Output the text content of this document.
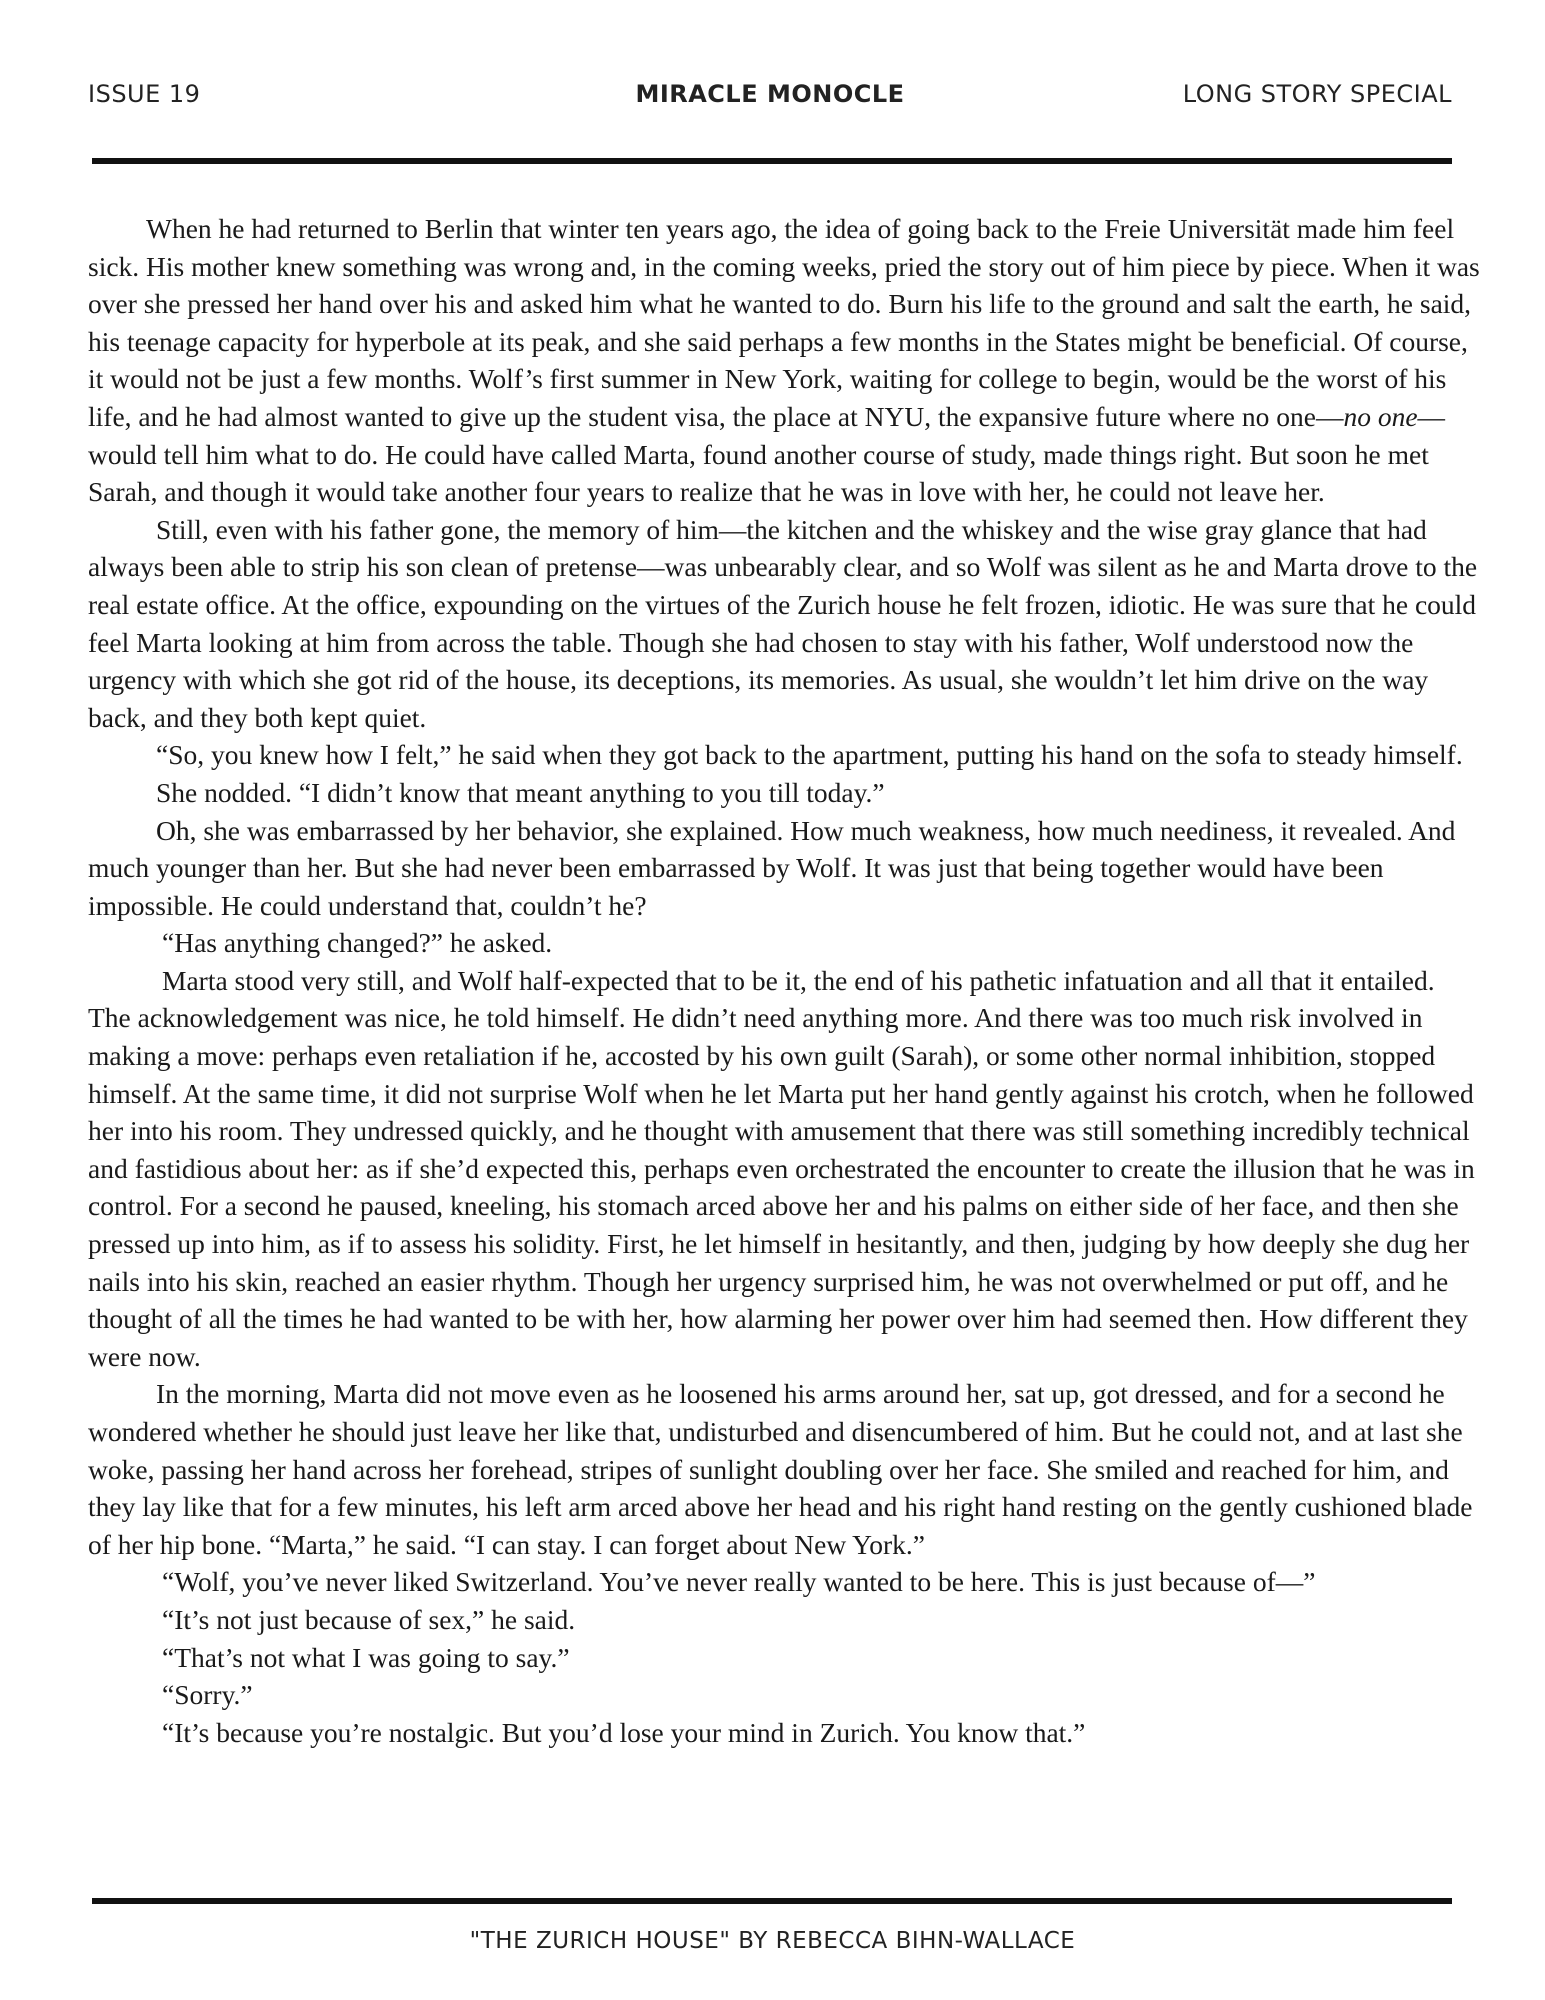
ISSUE 19	MIRACLE MONOCLE	LONG STORY SPECIAL

When he had returned to Berlin that winter ten years ago, the idea of going back to the Freie Universität made him feel sick. His mother knew something was wrong and, in the coming weeks, pried the story out of him piece by piece. When it was over she pressed her hand over his and asked him what he wanted to do. Burn his life to the ground and salt the earth, he said, his teenage capacity for hyperbole at its peak, and she said perhaps a few months in the States might be beneficial. Of course, it would not be just a few months. Wolf’s first summer in New York, waiting for college to begin, would be the worst of his life, and he had almost wanted to give up the student visa, the place at NYU, the expansive future where no one—no one—would tell him what to do. He could have called Marta, found another course of study, made things right. But soon he met Sarah, and though it would take another four years to realize that he was in love with her, he could not leave her.

Still, even with his father gone, the memory of him—the kitchen and the whiskey and the wise gray glance that had always been able to strip his son clean of pretense—was unbearably clear, and so Wolf was silent as he and Marta drove to the real estate office. At the office, expounding on the virtues of the Zurich house he felt frozen, idiotic. He was sure that he could feel Marta looking at him from across the table. Though she had chosen to stay with his father, Wolf understood now the urgency with which she got rid of the house, its deceptions, its memories. As usual, she wouldn’t let him drive on the way back, and they both kept quiet.

“So, you knew how I felt,” he said when they got back to the apartment, putting his hand on the sofa to steady himself.

She nodded. “I didn’t know that meant anything to you till today.”

Oh, she was embarrassed by her behavior, she explained. How much weakness, how much neediness, it revealed. And much younger than her. But she had never been embarrassed by Wolf. It was just that being together would have been impossible. He could understand that, couldn’t he?

“Has anything changed?” he asked.

Marta stood very still, and Wolf half-expected that to be it, the end of his pathetic infatuation and all that it entailed. The acknowledgement was nice, he told himself. He didn’t need anything more. And there was too much risk involved in making a move: perhaps even retaliation if he, accosted by his own guilt (Sarah), or some other normal inhibition, stopped himself. At the same time, it did not surprise Wolf when he let Marta put her hand gently against his crotch, when he followed her into his room. They undressed quickly, and he thought with amusement that there was still something incredibly technical and fastidious about her: as if she’d expected this, perhaps even orchestrated the encounter to create the illusion that he was in control. For a second he paused, kneeling, his stomach arced above her and his palms on either side of her face, and then she pressed up into him, as if to assess his solidity. First, he let himself in hesitantly, and then, judging by how deeply she dug her nails into his skin, reached an easier rhythm. Though her urgency surprised him, he was not overwhelmed or put off, and he thought of all the times he had wanted to be with her, how alarming her power over him had seemed then. How different they were now.

In the morning, Marta did not move even as he loosened his arms around her, sat up, got dressed, and for a second he wondered whether he should just leave her like that, undisturbed and disencumbered of him. But he could not, and at last she woke, passing her hand across her forehead, stripes of sunlight doubling over her face. She smiled and reached for him, and they lay like that for a few minutes, his left arm arced above her head and his right hand resting on the gently cushioned blade of her hip bone. “Marta,” he said. “I can stay. I can forget about New York.”

“Wolf, you’ve never liked Switzerland. You’ve never really wanted to be here. This is just because of—”

“It’s not just because of sex,” he said.

“That’s not what I was going to say.”

“Sorry.”

“It’s because you’re nostalgic. But you’d lose your mind in Zurich. You know that.”

"THE ZURICH HOUSE" BY REBECCA BIHN-WALLACE
